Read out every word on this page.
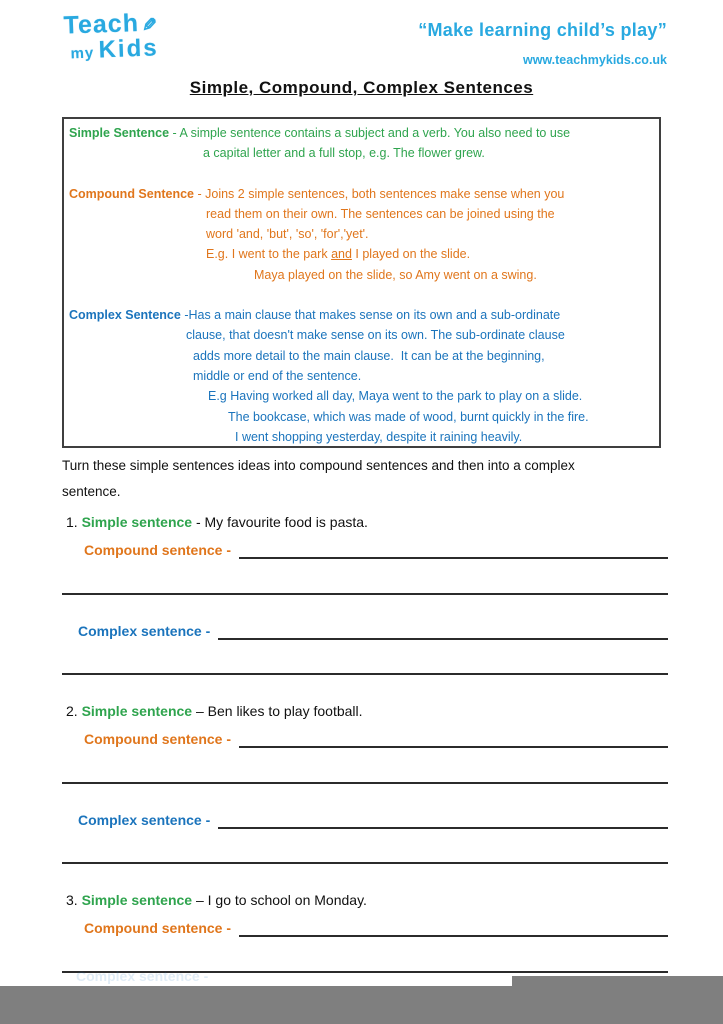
Teach✎
my Kids
“Make learning child’s play”
www.teachmykids.co.uk
Simple, Compound, Complex Sentences
Simple Sentence - A simple sentence contains a subject and a verb. You also need to use
a capital letter and a full stop, e.g. The flower grew.
Compound Sentence - Joins 2 simple sentences, both sentences make sense when you
read them on their own. The sentences can be joined using the
word 'and, 'but', 'so', 'for','yet'.
E.g. I went to the park and I played on the slide.
Maya played on the slide, so Amy went on a swing.
Complex Sentence -Has a main clause that makes sense on its own and a sub-ordinate
clause, that doesn't make sense on its own. The sub-ordinate clause
adds more detail to the main clause.  It can be at the beginning,
middle or end of the sentence.
E.g Having worked all day, Maya went to the park to play on a slide.
The bookcase, which was made of wood, burnt quickly in the fire.
I went shopping yesterday, despite it raining heavily.
Turn these simple sentences ideas into compound sentences and then into a complex
sentence.
1. Simple sentence - My favourite food is pasta.
Compound sentence -
Complex sentence -
2. Simple sentence – Ben likes to play football.
Compound sentence -
Complex sentence -
3. Simple sentence – I go to school on Monday.
Compound sentence -
Complex sentence -
